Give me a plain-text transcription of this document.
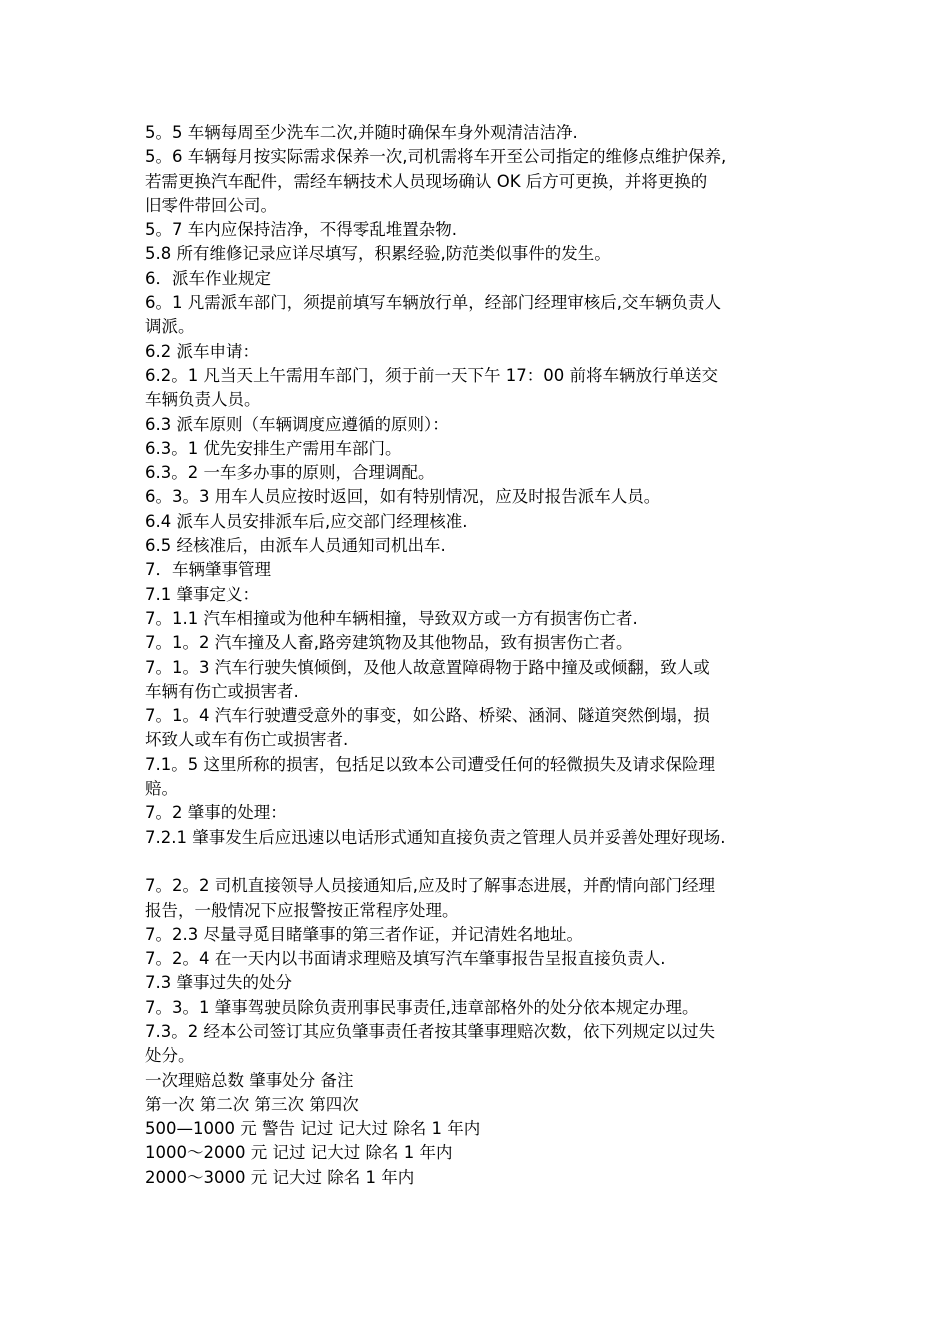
5。5 车辆每周至少洗车二次,并随时确保车身外观清洁洁净.
5。6 车辆每月按实际需求保养一次,司机需将车开至公司指定的维修点维护保养,
若需更换汽车配件，需经车辆技术人员现场确认 OK 后方可更换，并将更换的
旧零件带回公司。
5。7 车内应保持洁净，不得零乱堆置杂物.
5.8 所有维修记录应详尽填写，积累经验,防范类似事件的发生。
6．派车作业规定
6。1 凡需派车部门，须提前填写车辆放行单，经部门经理审核后,交车辆负责人
调派。
6.2 派车申请：
6.2。1 凡当天上午需用车部门，须于前一天下午 17：00 前将车辆放行单送交
车辆负责人员。
6.3 派车原则（车辆调度应遵循的原则）：
6.3。1 优先安排生产需用车部门。
6.3。2 一车多办事的原则，合理调配。
6。3。3 用车人员应按时返回，如有特别情况，应及时报告派车人员。
6.4 派车人员安排派车后,应交部门经理核准.
6.5 经核准后，由派车人员通知司机出车.
7．车辆肇事管理
7.1 肇事定义：
7。1.1 汽车相撞或为他种车辆相撞，导致双方或一方有损害伤亡者.
7。1。2 汽车撞及人畜,路旁建筑物及其他物品，致有损害伤亡者。
7。1。3 汽车行驶失慎倾倒，及他人故意置障碍物于路中撞及或倾翻，致人或
车辆有伤亡或损害者.
7。1。4 汽车行驶遭受意外的事变，如公路、桥梁、涵洞、隧道突然倒塌，损
坏致人或车有伤亡或损害者.
7.1。5 这里所称的损害，包括足以致本公司遭受任何的轻微损失及请求保险理
赔。
7。2 肇事的处理：
7.2.1 肇事发生后应迅速以电话形式通知直接负责之管理人员并妥善处理好现场.
7。2。2 司机直接领导人员接通知后,应及时了解事态进展，并酌情向部门经理
报告，一般情况下应报警按正常程序处理。
7。2.3 尽量寻觅目睹肇事的第三者作证，并记清姓名地址。
7。2。4 在一天内以书面请求理赔及填写汽车肇事报告呈报直接负责人.
7.3 肇事过失的处分
7。3。1 肇事驾驶员除负责刑事民事责任,违章部格外的处分依本规定办理。
7.3。2 经本公司签订其应负肇事责任者按其肇事理赔次数，依下列规定以过失
处分。
一次理赔总数 肇事处分 备注
第一次 第二次 第三次 第四次
500—1000 元 警告 记过 记大过 除名 1 年内
1000～2000 元 记过 记大过 除名 1 年内
2000～3000 元 记大过 除名 1 年内
